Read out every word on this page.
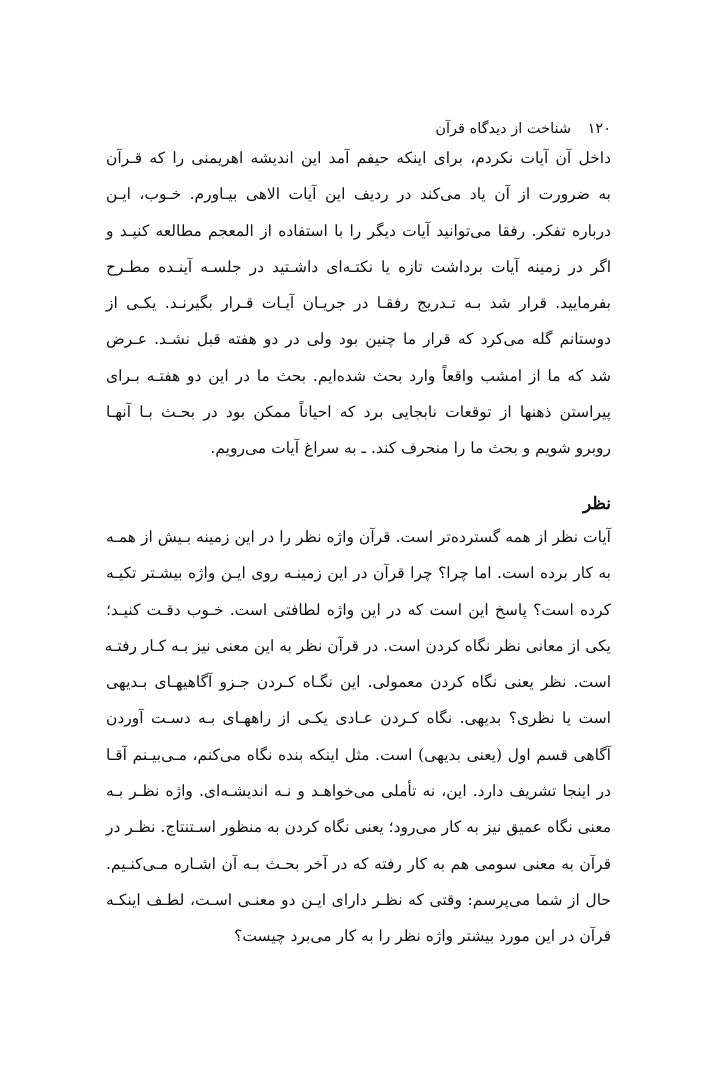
۱۲۰ شناخت از دیدگاه قرآن

داخل آن آیات نکردم، برای اینکه حیفم آمد این اندیشه اهریمنی را که قـرآن
به ضرورت از آن یاد می‌کند در ردیف این آیات الاهی بیـاورم. خـوب، ایـن
درباره تفکر. رفقا می‌توانید آیات دیگر را با استفاده از المعجم مطالعه کنیـد و
اگر در زمینه آیات برداشت تازه یا نکتـه‌ای داشـتید در جلسـه آینـده مطـرح
بفرمایید. قرار شد بـه تـدریج رفقـا در جریـان آیـات قـرار بگیرنـد. یکـی از
دوستانم گله می‌کرد که قرار ما چنین بود ولی در دو هفته قبل نشـد. عـرض
شد که ما از امشب واقعاً وارد بحث شده‌ایم. بحث ما در این دو هفتـه بـرای
پیراستن ذهنها از توقعات نابجایی برد که احیاناً ممکن بود در بحـث بـا آنهـا
روبرو شویم و بحث ما را منحرف کند. ـ به سراغ آیات می‌رویم.

نظر

آیات نظر از همه گسترده‌تر است. قرآن واژه نظر را در این زمینه بـیش از همـه
به کار برده است. اما چرا؟ چرا قرآن در این زمینـه روی ایـن واژه بیشـتر تکیـه
کرده است؟ پاسخ این است که در این واژه لطافتی است. خـوب دقـت کنیـد؛
یکی از معانی نظر نگاه کردن است. در قرآن نظر به این معنی نیز بـه کـار رفتـه
است. نظر یعنی نگاه کردن معمولی. این نگـاه کـردن جـزو آگاهیهـای بـدیهی
است یا نظری؟ بدیهی. نگاه کـردن عـادی یکـی از راههـای بـه دسـت آوردن
آگاهی قسم اول (یعنی بدیهی) است. مثل اینکه بنده نگاه می‌کنم، مـی‌بیـنم آقـا
در اینجا تشریف دارد. این، نه تأملی می‌خواهـد و نـه اندیشـه‌ای. واژه نظـر بـه
معنی نگاه عمیق نیز به کار می‌رود؛ یعنی نگاه کردن به منظور اسـتنتاج. نظـر در
قرآن به معنی سومی هم به کار رفته که در آخر بحـث بـه آن اشـاره مـی‌کنـیم.
حال از شما می‌پرسم: وقتی که نظـر دارای ایـن دو معنـی اسـت، لطـف اینکـه
قرآن در این مورد بیشتر واژه نظر را به کار می‌برد چیست؟
